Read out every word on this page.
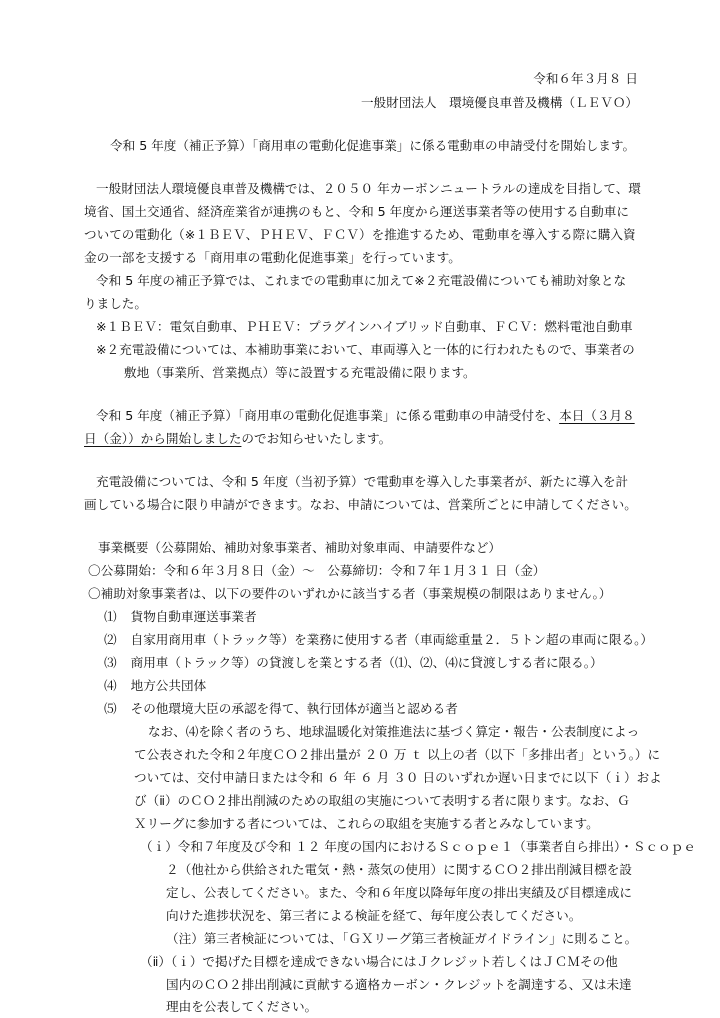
令和６年３月８ 日
一般財団法人　環境優良車普及機構（ＬＥＶＯ）
令和 5 年度（補正予算）「商用車の電動化促進事業」に係る電動車の申請受付を開始します。
一般財団法人環境優良車普及機構では、２０５０ 年カーボンニュートラルの達成を目指して、環
境省、国土交通省、経済産業省が連携のもと、令和 5 年度から運送事業者等の使用する自動車に
ついての電動化（※１ＢＥＶ、ＰＨＥＶ、ＦＣＶ）を推進するため、電動車を導入する際に購入資
金の一部を支援する「商用車の電動化促進事業」を行っています。
令和 5 年度の補正予算では、これまでの電動車に加えて※２充電設備についても補助対象とな
りました。
※１ＢＥＶ：電気自動車、ＰＨＥＶ：プラグインハイブリッド自動車、ＦＣＶ：燃料電池自動車
※２充電設備については、本補助事業において、車両導入と一体的に行われたもので、事業者の
敷地（事業所、営業拠点）等に設置する充電設備に限ります。
令和 5 年度（補正予算）「商用車の電動化促進事業」に係る電動車の申請受付を、本日（３月８
日（金））から開始しましたのでお知らせいたします。
充電設備については、令和 5 年度（当初予算）で電動車を導入した事業者が、新たに導入を計
画している場合に限り申請ができます。なお、申請については、営業所ごとに申請してください。
事業概要（公募開始、補助対象事業者、補助対象車両、申請要件など）
〇公募開始：令和６年３月８日（金）～　公募締切：令和７年１月３１ 日（金）
〇補助対象事業者は、以下の要件のいずれかに該当する者（事業規模の制限はありません。）
⑴ 貨物自動車運送事業者
⑵ 自家用商用車（トラック等）を業務に使用する者（車両総重量２．５トン超の車両に限る。）
⑶ 商用車（トラック等）の貸渡しを業とする者（⑴、⑵、⑷に貸渡しする者に限る。）
⑷ 地方公共団体
⑸ その他環境大臣の承認を得て、執行団体が適当と認める者
なお、⑷を除く者のうち、地球温暖化対策推進法に基づく算定・報告・公表制度によっ
て公表された令和２年度ＣＯ２排出量が ２０ 万 ｔ 以上の者（以下「多排出者」という。）に
ついては、交付申請日または令和 ６ 年 ６ 月 ３０ 日のいずれか遅い日までに以下（ｉ）およ
び（ⅱ）のＣＯ２排出削減のための取組の実施について表明する者に限ります。なお、Ｇ
Ｘリーグに参加する者については、これらの取組を実施する者とみなしています。
（ｉ）令和７年度及び令和 １２ 年度の国内におけるＳｃｏｐｅ１（事業者自ら排出）・Ｓｃｏｐｅ
２（他社から供給された電気・熱・蒸気の使用）に関するＣＯ２排出削減目標を設
定し、公表してください。また、令和６年度以降毎年度の排出実績及び目標達成に
向けた進捗状況を、第三者による検証を経て、毎年度公表してください。
（注）第三者検証については、「ＧＸリーグ第三者検証ガイドライン」に則ること。
（ⅱ）（ｉ）で掲げた目標を達成できない場合にはＪクレジット若しくはＪＣＭその他
国内のＣＯ２排出削減に貢献する適格カーボン・クレジットを調達する、又は未達
理由を公表してください。
